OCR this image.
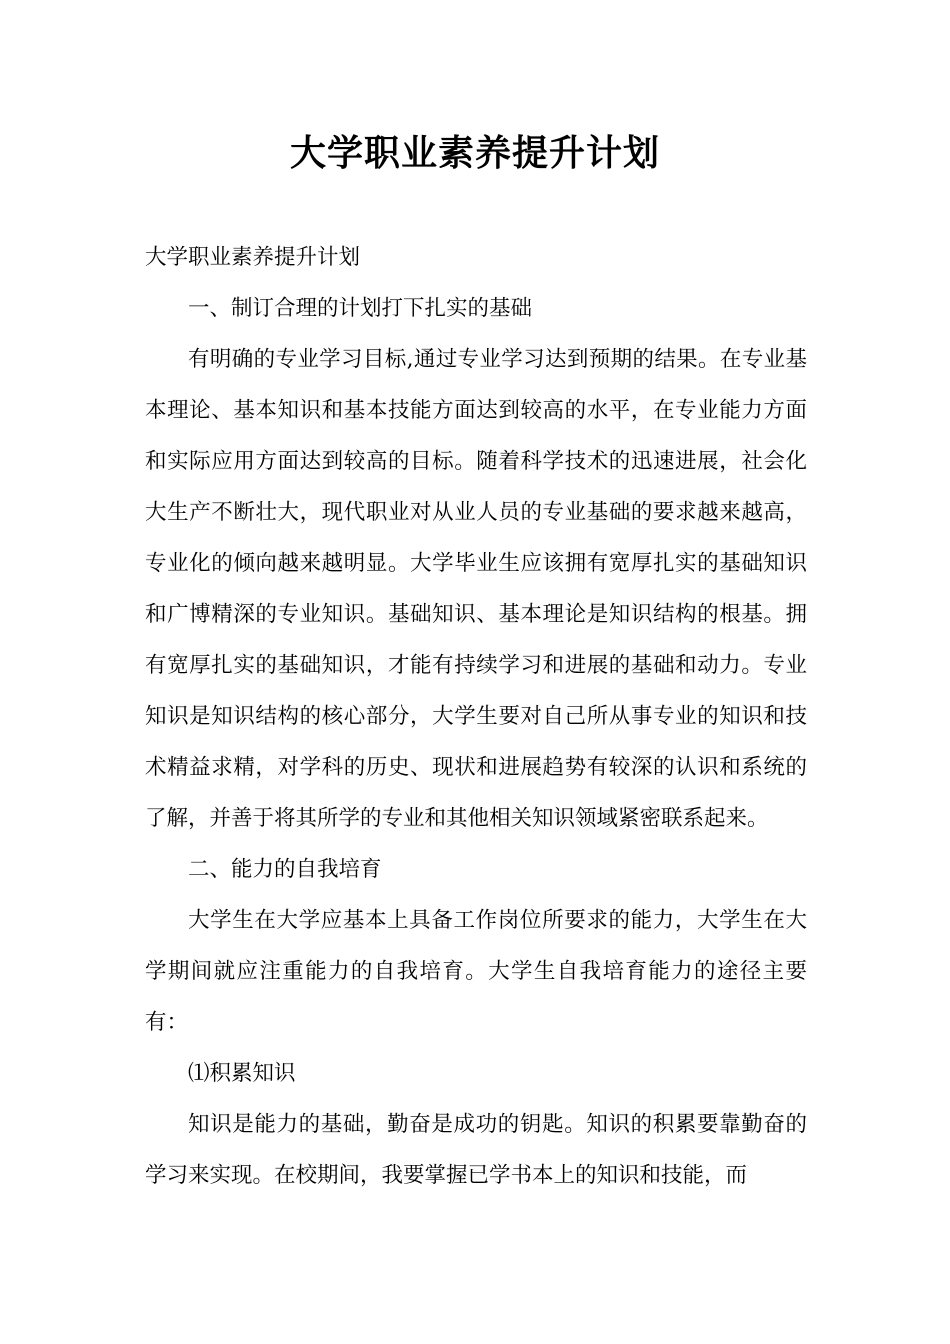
大学职业素养提升计划

大学职业素养提升计划

一、制订合理的计划打下扎实的基础

有明确的专业学习目标,通过专业学习达到预期的结果。在专业基本理论、基本知识和基本技能方面达到较高的水平，在专业能力方面和实际应用方面达到较高的目标。随着科学技术的迅速进展，社会化大生产不断壮大，现代职业对从业人员的专业基础的要求越来越高，专业化的倾向越来越明显。大学毕业生应该拥有宽厚扎实的基础知识和广博精深的专业知识。基础知识、基本理论是知识结构的根基。拥有宽厚扎实的基础知识，才能有持续学习和进展的基础和动力。专业知识是知识结构的核心部分，大学生要对自己所从事专业的知识和技术精益求精，对学科的历史、现状和进展趋势有较深的认识和系统的了解，并善于将其所学的专业和其他相关知识领域紧密联系起来。

二、能力的自我培育

大学生在大学应基本上具备工作岗位所要求的能力，大学生在大学期间就应注重能力的自我培育。大学生自我培育能力的途径主要有：

⑴积累知识

知识是能力的基础，勤奋是成功的钥匙。知识的积累要靠勤奋的学习来实现。在校期间，我要掌握已学书本上的知识和技能，而
